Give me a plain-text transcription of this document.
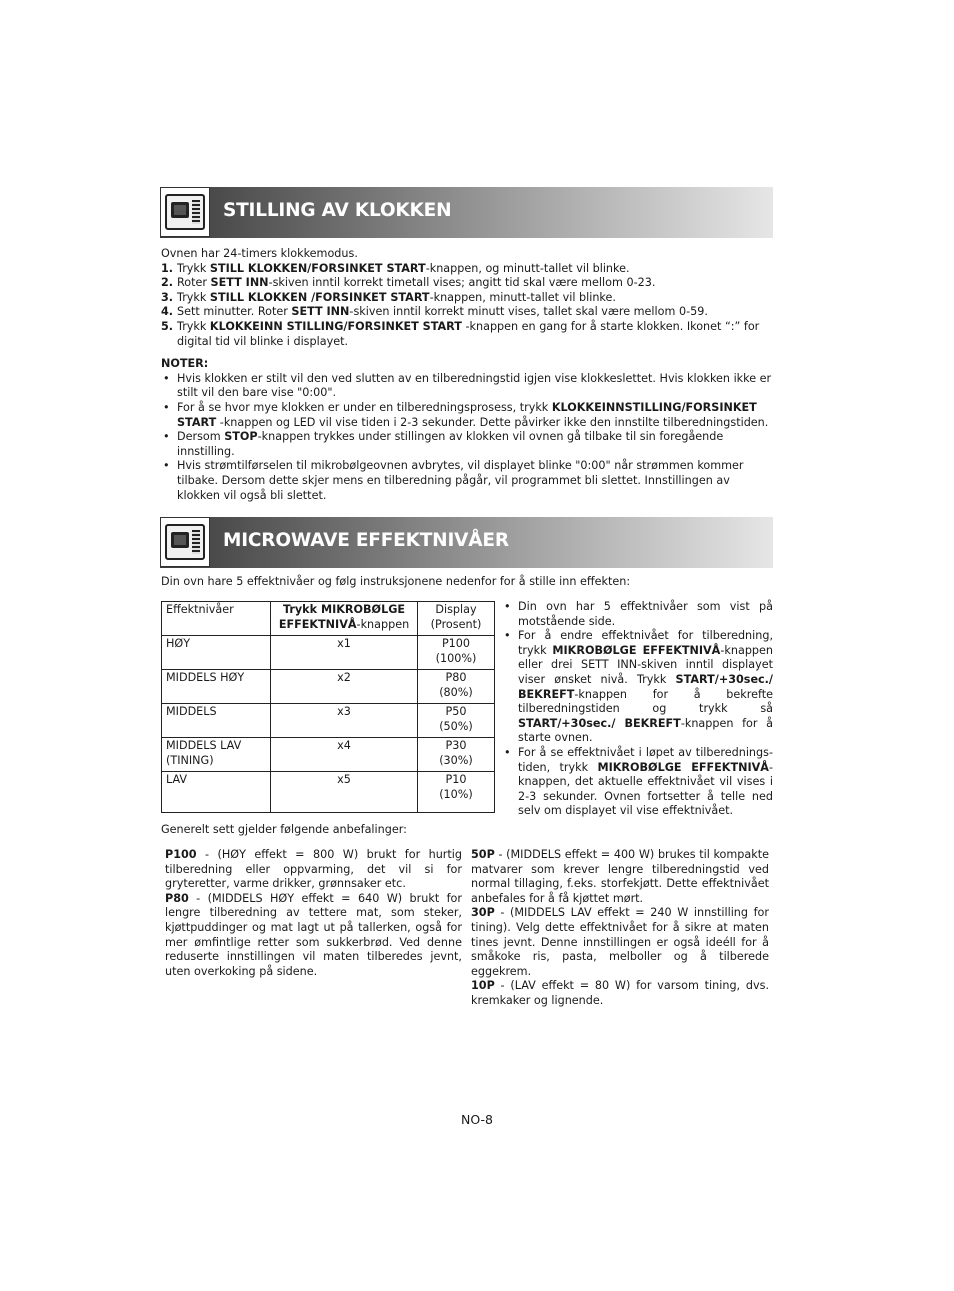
STILLING AV KLOKKEN

Ovnen har 24-timers klokkemodus.

1. Trykk STILL KLOKKEN/FORSINKET START-knappen, og minutt-tallet vil blinke.
2. Roter SETT INN-skiven inntil korrekt timetall vises; angitt tid skal være mellom 0-23.
3. Trykk STILL KLOKKEN /FORSINKET START-knappen, minutt-tallet vil blinke.
4. Sett minutter. Roter SETT INN-skiven inntil korrekt minutt vises, tallet skal være mellom 0-59.
5. Trykk KLOKKEINN STILLING/FORSINKET START -knappen en gang for å starte klokken. Ikonet “:” for digital tid vil blinke i displayet.

NOTER:

• Hvis klokken er stilt vil den ved slutten av en tilberedningstid igjen vise klokkeslettet. Hvis klokken ikke er stilt vil den bare vise "0:00".
• For å se hvor mye klokken er under en tilberedningsprosess, trykk KLOKKEINNSTILLING/FORSINKET START -knappen og LED vil vise tiden i 2-3 sekunder. Dette påvirker ikke den innstilte tilberedningstiden.
• Dersom STOP-knappen trykkes under stillingen av klokken vil ovnen gå tilbake til sin foregående innstilling.
• Hvis strømtilførselen til mikrobølgeovnen avbrytes, vil displayet blinke "0:00" når strømmen kommer tilbake. Dersom dette skjer mens en tilberedning pågår, vil programmet bli slettet. Innstillingen av klokken vil også bli slettet.
MICROWAVE EFFEKTNIVÅER

Din ovn hare 5 effektnivåer og følg instruksjonene nedenfor for å stille inn effekten:

Effektnivåer	Trykk MIKROBØLGE EFFEKTNIVÅ-knappen	Display
(Prosent)
HØY	x1	P100
(100%)
MIDDELS HØY	x2	P80
(80%)
MIDDELS	x3	P50
(50%)
MIDDELS LAV
(TINING)	x4	P30
(30%)
LAV	x5	P10
(10%)
• Din ovn har 5 effektnivåer som vist på motstående side.
• For å endre effektnivået for tilberedning, trykk MIKROBØLGE EFFEKTNIVÅ-knappen eller drei SETT INN-skiven inntil displayet viser ønsket nivå. Trykk START/+30sec./ BEKREFT-knappen for å bekrefte tilberedningstiden og trykk så START/+30sec./ BEKREFT-knappen for å starte ovnen.
• For å se effektnivået i løpet av tilberednings-tiden, trykk MIKROBØLGE EFFEKTNIVÅ-knappen, det aktuelle effektnivået vil vises i 2-3 sekunder. Ovnen fortsetter å telle ned selv om displayet vil vise effektnivået.

Generelt sett gjelder følgende anbefalinger:

P100 - (HØY effekt = 800 W) brukt for hurtig tilberedning eller oppvarming, det vil si for gryteretter, varme drikker, grønnsaker etc.
P80 - (MIDDELS HØY effekt = 640 W) brukt for lengre tilberedning av tettere mat, som steker, kjøttpuddinger og mat lagt ut på tallerken, også for mer ømfintlige retter som sukkerbrød. Ved denne reduserte innstillingen vil maten tilberedes jevnt, uten overkoking på sidene.
50P - (MIDDELS effekt = 400 W) brukes til kompakte matvarer som krever lengre tilberedningstid ved normal tillaging, f.eks. storfekjøtt. Dette effektnivået anbefales for å få kjøttet mørt.
30P - (MIDDELS LAV effekt = 240 W innstilling for tining). Velg dette effektnivået for å sikre at maten tines jevnt. Denne innstillingen er også ideéll for å småkoke ris, pasta, melboller og å tilberede eggekrem.
10P - (LAV effekt = 80 W) for varsom tining, dvs. kremkaker og lignende.
NO-8
